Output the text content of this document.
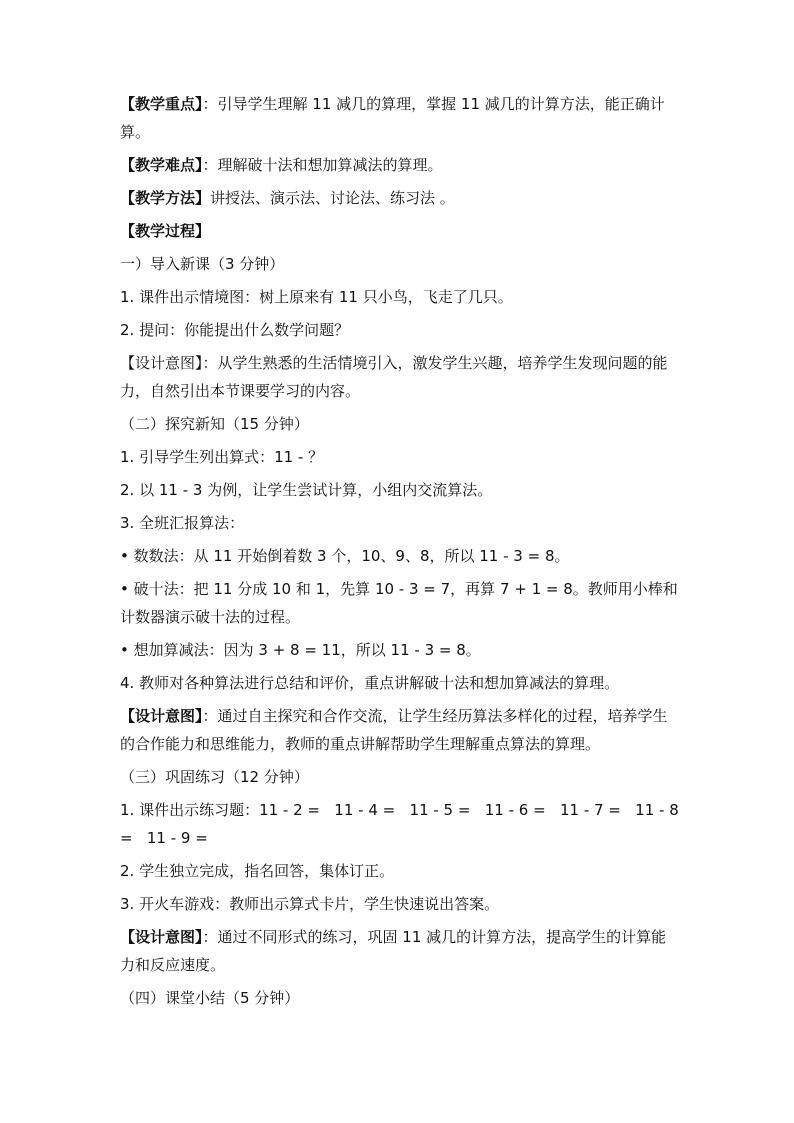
【教学重点】：引导学生理解 11 减几的算理，掌握 11 减几的计算方法，能正确计算。

【教学难点】：理解破十法和想加算减法的算理。

【教学方法】讲授法、演示法、讨论法、练习法 。

【教学过程】

一）导入新课（3 分钟）

1. 课件出示情境图：树上原来有 11 只小鸟，飞走了几只。

2. 提问：你能提出什么数学问题？

【设计意图】：从学生熟悉的生活情境引入，激发学生兴趣，培养学生发现问题的能力，自然引出本节课要学习的内容。

（二）探究新知（15 分钟）

1. 引导学生列出算式：11 - ？

2. 以 11 - 3 为例，让学生尝试计算，小组内交流算法。

3. 全班汇报算法：

• 数数法：从 11 开始倒着数 3 个，10、9、8，所以 11 - 3 = 8。

• 破十法：把 11 分成 10 和 1，先算 10 - 3 = 7，再算 7 + 1 = 8。教师用小棒和计数器演示破十法的过程。

• 想加算减法：因为 3 + 8 = 11，所以 11 - 3 = 8。

4. 教师对各种算法进行总结和评价，重点讲解破十法和想加算减法的算理。

【设计意图】：通过自主探究和合作交流，让学生经历算法多样化的过程，培养学生的合作能力和思维能力，教师的重点讲解帮助学生理解重点算法的算理。

（三）巩固练习（12 分钟）

1. 课件出示练习题：11 - 2 =   11 - 4 =   11 - 5 =   11 - 6 =   11 - 7 =   11 - 8 =   11 - 9 =

2. 学生独立完成，指名回答，集体订正。

3. 开火车游戏：教师出示算式卡片，学生快速说出答案。

【设计意图】：通过不同形式的练习，巩固 11 减几的计算方法，提高学生的计算能力和反应速度。

（四）课堂小结（5 分钟）
